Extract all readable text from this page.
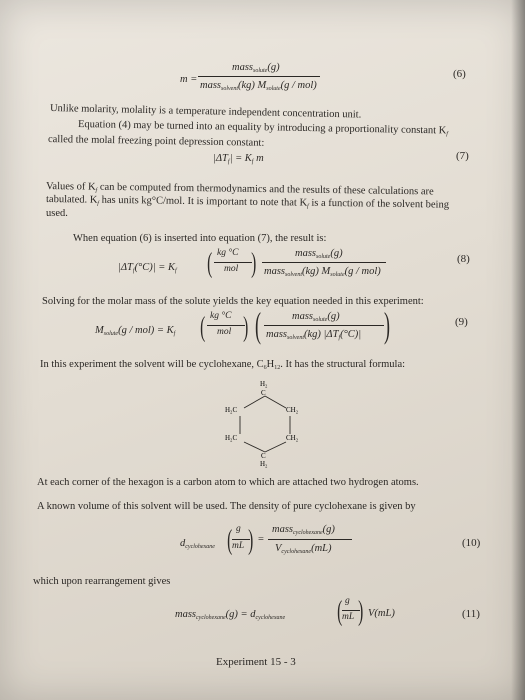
m =
mass$_{solute}$(g)
mass$_{solvent}$(kg) $M_{solute}(g / mol)$
(6)
Unlike molarity, molality is a temperature independent concentration unit.
Equation (4) may be turned into an equality by introducing a proportionality constant $K_f$
called the molal freezing point depression constant:
$|\Delta T_f| = K_f$ m	(7)
Values of $K_f$ can be computed from thermodynamics and the results of these calculations are
tabulated. $K_f$ has units kg°C/mol. It is important to note that $K_f$ is a function of the solvent being
used.
When equation (6) is inserted into equation (7), the result is:
$|\Delta T_f(^\circ C)| = K_f$ ( kg °C
mol )	mass$_{solute}$(g)
mass$_{solvent}$(kg) $M_{solute}(g / mol)$
(8)
Solving for the molar mass of the solute yields the key equation needed in this experiment:
$M_{solute}(g / mol) = K_f$ ( kg °C
mol ) (	mass$_{solute}$(g)
mass$_{solvent}$(kg) $|\Delta T_f(^\circ C)|$ )	(9)
In this experiment the solvent will be cyclohexane, $C_6H_{12}$. It has the structural formula:
H₂
C
H₂C	CH₂
H₂C	CH₂
C
H₂
At each corner of the hexagon is a carbon atom to which are attached two hydrogen atoms.
A known volume of this solvent will be used. The density of pure cyclohexane is given by
$d_{cyclohexane}$ ( g
mL ) =
mass$_{cyclohexane}$(g)
$V_{cyclohexane}(mL)$	(10)
which upon rearrangement gives
mass$_{cyclohexane}$(g) = $d_{cyclohexane}$ ( g
mL ) V(mL)	(11)
Experiment 15 - 3
